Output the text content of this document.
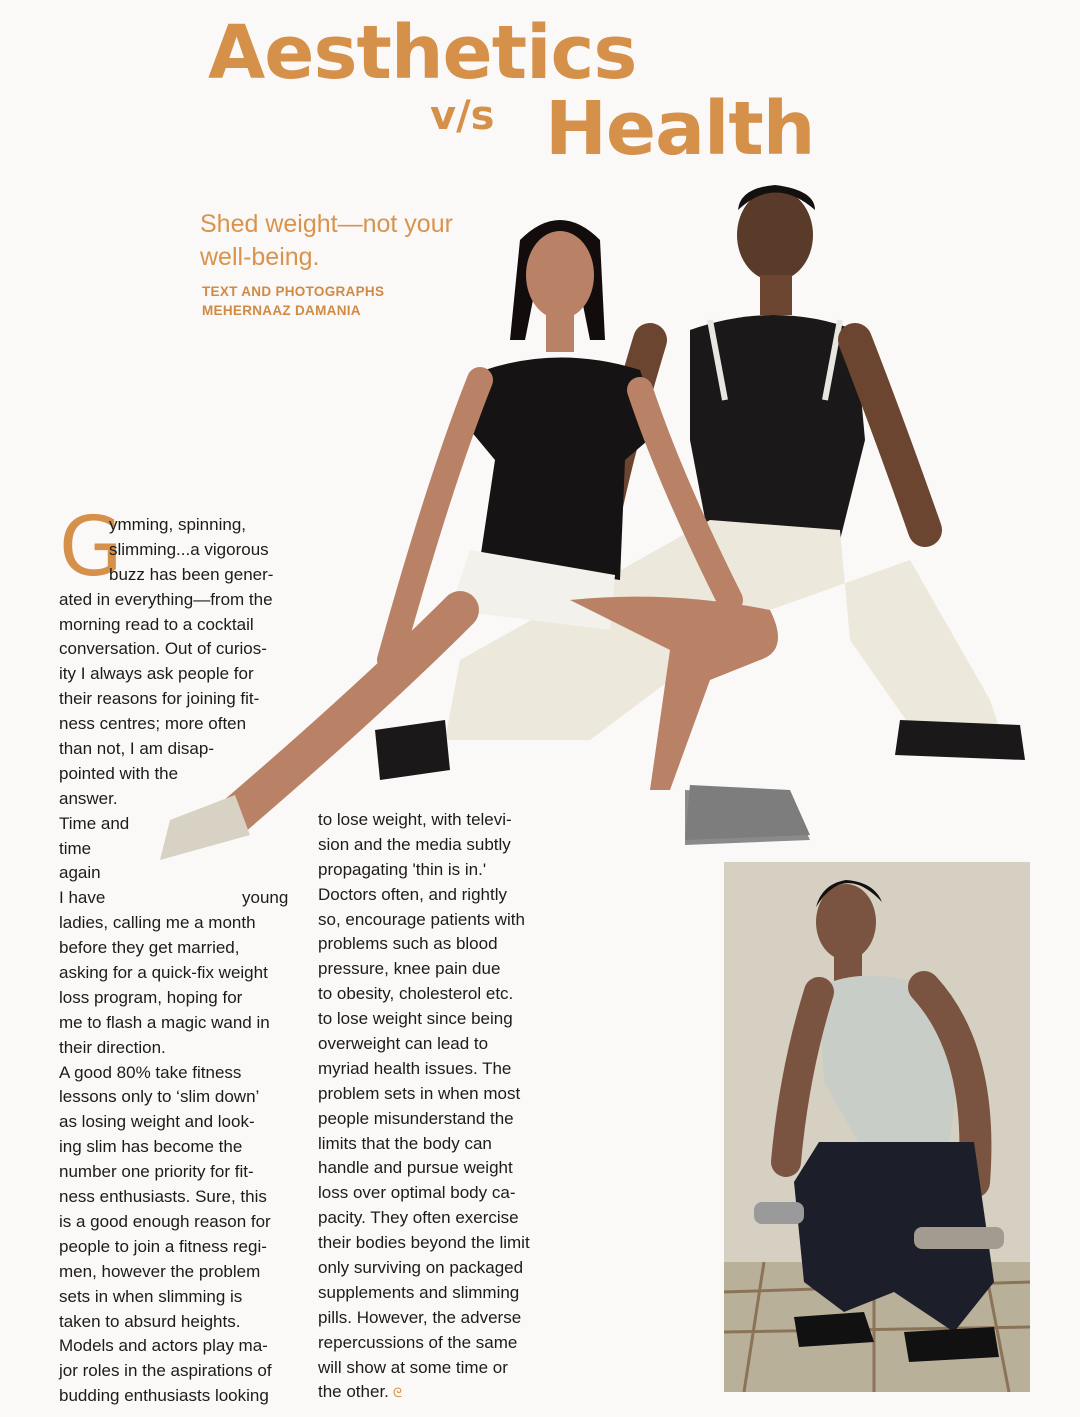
Aesthetics
v/s Health
Shed weight—not your well-being.
TEXT AND PHOTOGRAPHS
MEHERNAAZ DAMANIA
G
ymming, spinning,
slimming...a vigorous
buzz has been gener-
ated in everything—from the
morning read to a cocktail
conversation. Out of curios-
ity I always ask people for
their reasons for joining fit-
ness centres; more often
than not, I am disap-
pointed with the
answer.
Time and
time
again
I have	young
ladies, calling me a month
before they get married,
asking for a quick-fix weight
loss program, hoping for
me to flash a magic wand in
their direction.
A good 80% take fitness
lessons only to ‘slim down’
as losing weight and look-
ing slim has become the
number one priority for fit-
ness enthusiasts. Sure, this
is a good enough reason for
people to join a fitness regi-
men, however the problem
sets in when slimming is
taken to absurd heights.
Models and actors play ma-
jor roles in the aspirations of
budding enthusiasts looking
to lose weight, with televi-
sion and the media subtly
propagating 'thin is in.'
Doctors often, and rightly
so, encourage patients with
problems such as blood
pressure, knee pain due
to obesity, cholesterol etc.
to lose weight since being
overweight can lead to
myriad health issues. The
problem sets in when most
people misunderstand the
limits that the body can
handle and pursue weight
loss over optimal body ca-
pacity. They often exercise
their bodies beyond the limit
only surviving on packaged
supplements and slimming
pills. However, the adverse
repercussions of the same
will show at some time or
the other. ᘓ
